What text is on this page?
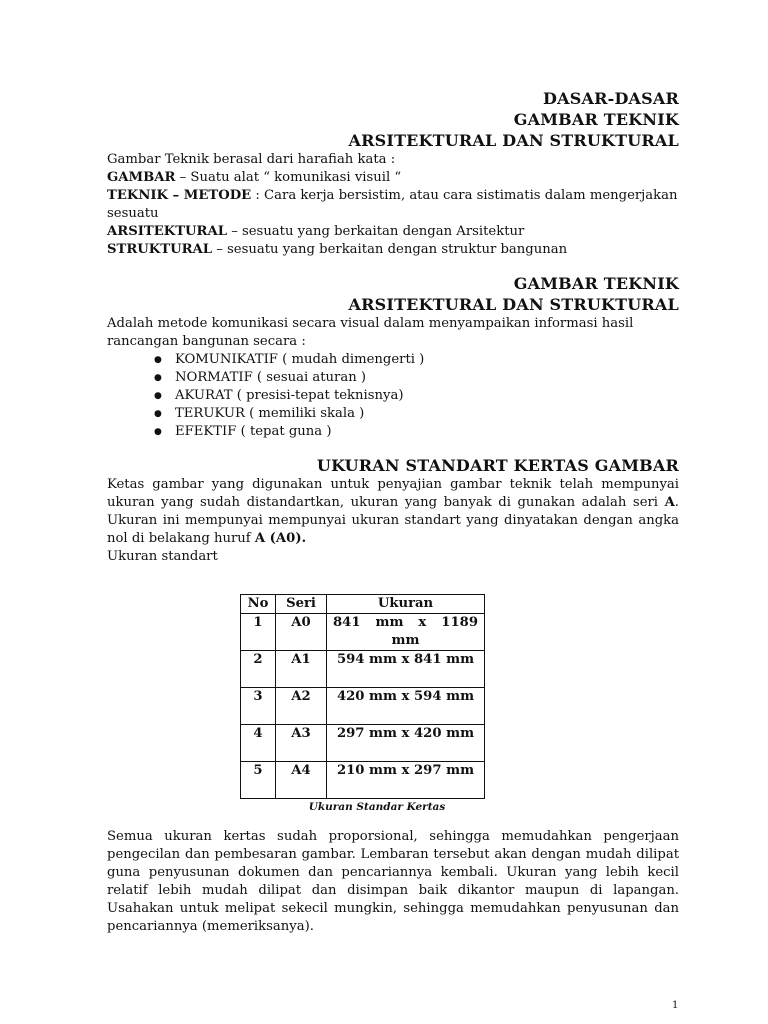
DASAR-DASAR
GAMBAR TEKNIK
ARSITEKTURAL DAN STRUKTURAL
Gambar Teknik berasal dari harafiah kata :
GAMBAR – Suatu alat “ komunikasi visuil “
TEKNIK – METODE : Cara kerja bersistim, atau cara sistimatis dalam mengerjakan sesuatu
ARSITEKTURAL – sesuatu yang berkaitan dengan Arsitektur
STRUKTURAL – sesuatu yang berkaitan dengan struktur bangunan
GAMBAR TEKNIK
ARSITEKTURAL DAN STRUKTURAL
Adalah metode komunikasi secara visual dalam menyampaikan informasi hasil rancangan bangunan secara :
● KOMUNIKATIF ( mudah dimengerti )
● NORMATIF ( sesuai aturan )
● AKURAT ( presisi-tepat teknisnya)
● TERUKUR ( memiliki skala )
● EFEKTIF ( tepat guna )
UKURAN STANDART KERTAS GAMBAR
Ketas gambar yang digunakan untuk penyajian gambar teknik telah mempunyai ukuran yang sudah distandartkan, ukuran yang banyak di gunakan adalah seri A. Ukuran ini mempunyai mempunyai ukuran standart yang dinyatakan dengan angka nol di belakang huruf A (A0).
Ukuran standart
No	Seri	Ukuran
1	A0	841 mm x 1189 mm
2	A1	594 mm x 841 mm
3	A2	420 mm x 594 mm
4	A3	297 mm x 420 mm
5	A4	210 mm x 297 mm
Ukuran Standar Kertas
Semua ukuran kertas sudah proporsional, sehingga memudahkan pengerjaan pengecilan dan pembesaran gambar. Lembaran tersebut akan dengan mudah dilipat guna penyusunan dokumen dan pencariannya kembali. Ukuran yang lebih kecil relatif lebih mudah dilipat dan disimpan baik dikantor maupun di lapangan. Usahakan untuk melipat sekecil mungkin, sehingga memudahkan penyusunan dan pencariannya (memeriksanya).
1
